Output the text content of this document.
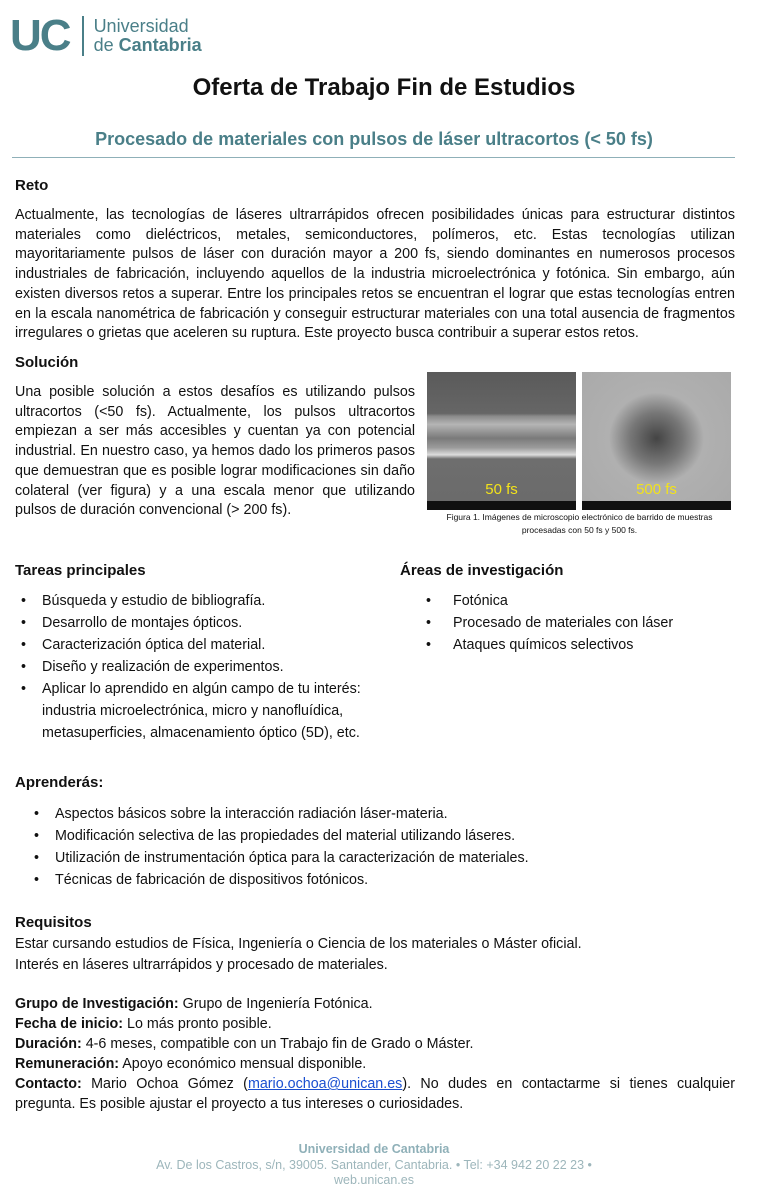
UC Universidad
de Cantabria
Oferta de Trabajo Fin de Estudios
Procesado de materiales con pulsos de láser ultracortos (< 50 fs)
Reto
Actualmente, las tecnologías de láseres ultrarrápidos ofrecen posibilidades únicas para estructurar distintos materiales como dieléctricos, metales, semiconductores, polímeros, etc. Estas tecnologías utilizan mayoritariamente pulsos de láser con duración mayor a 200 fs, siendo dominantes en numerosos procesos industriales de fabricación, incluyendo aquellos de la industria microelectrónica y fotónica. Sin embargo, aún existen diversos retos a superar. Entre los principales retos se encuentran el lograr que estas tecnologías entren en la escala nanométrica de fabricación y conseguir estructurar materiales con una total ausencia de fragmentos irregulares o grietas que aceleren su ruptura. Este proyecto busca contribuir a superar estos retos.
Solución
Una posible solución a estos desafíos es utilizando pulsos ultracortos (<50 fs). Actualmente, los pulsos ultracortos empiezan a ser más accesibles y cuentan ya con potencial industrial. En nuestro caso, ya hemos dado los primeros pasos que demuestran que es posible lograr modificaciones sin daño colateral (ver figura) y a una escala menor que utilizando pulsos de duración convencional (> 200 fs).
50 fs	500 fs
Figura 1. Imágenes de microscopio electrónico de barrido de muestras procesadas con 50 fs y 500 fs.
Tareas principales
• Búsqueda y estudio de bibliografía.
• Desarrollo de montajes ópticos.
• Caracterización óptica del material.
• Diseño y realización de experimentos.
• Aplicar lo aprendido en algún campo de tu interés: industria microelectrónica, micro y nanofluídica, metasuperficies, almacenamiento óptico (5D), etc.
Áreas de investigación
• Fotónica
• Procesado de materiales con láser
• Ataques químicos selectivos
Aprenderás:
• Aspectos básicos sobre la interacción radiación láser-materia.
• Modificación selectiva de las propiedades del material utilizando láseres.
• Utilización de instrumentación óptica para la caracterización de materiales.
• Técnicas de fabricación de dispositivos fotónicos.
Requisitos
Estar cursando estudios de Física, Ingeniería o Ciencia de los materiales o Máster oficial.
Interés en láseres ultrarrápidos y procesado de materiales.
Grupo de Investigación: Grupo de Ingeniería Fotónica.
Fecha de inicio: Lo más pronto posible.
Duración: 4-6 meses, compatible con un Trabajo fin de Grado o Máster.
Remuneración: Apoyo económico mensual disponible.
Contacto: Mario Ochoa Gómez (mario.ochoa@unican.es). No dudes en contactarme si tienes cualquier pregunta. Es posible ajustar el proyecto a tus intereses o curiosidades.
Universidad de Cantabria
Av. De los Castros, s/n, 39005. Santander, Cantabria. • Tel: +34 942 20 22 23 •
web.unican.es
